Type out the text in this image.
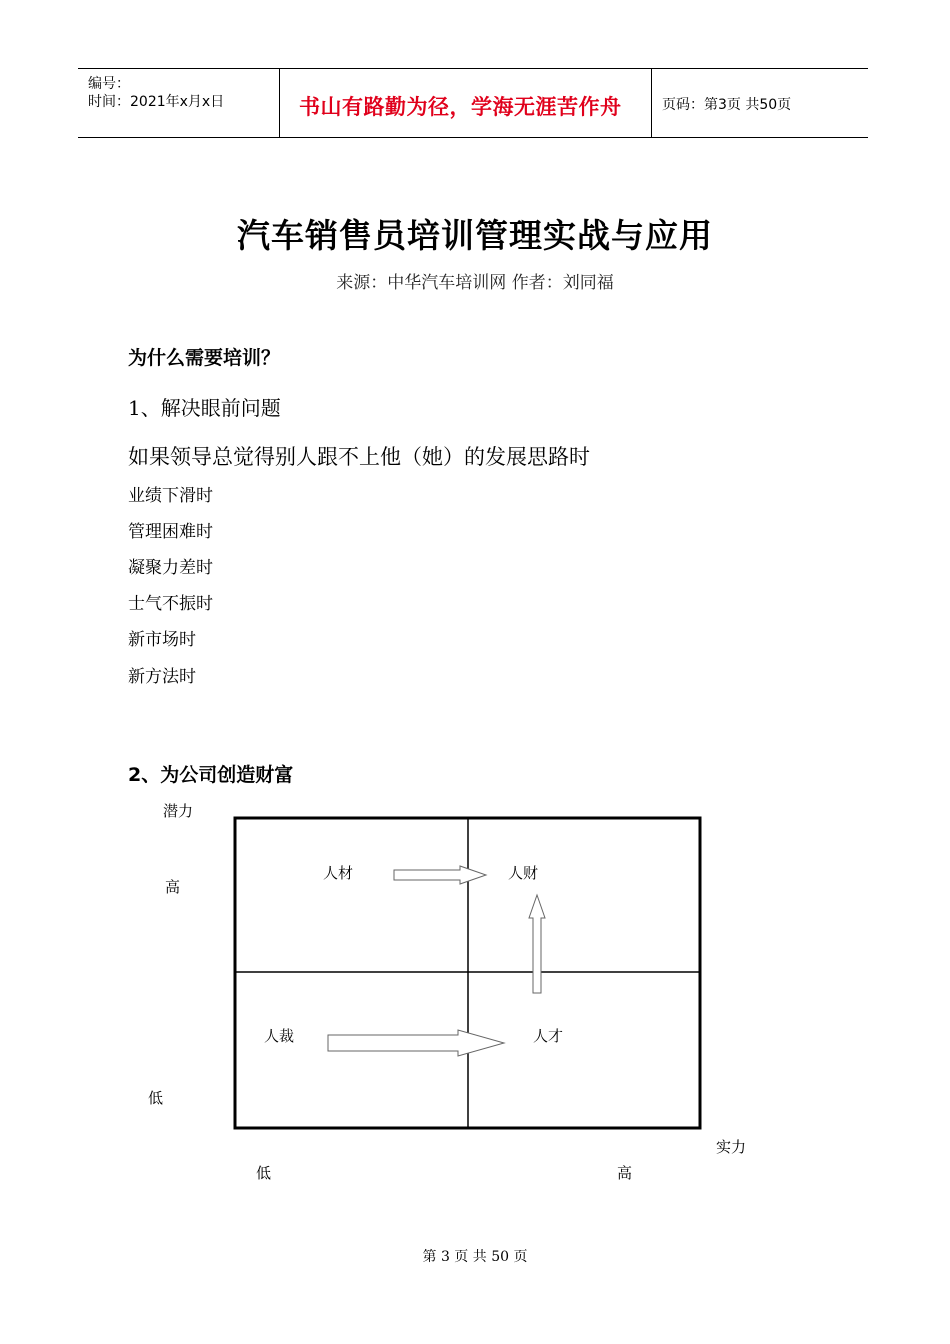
编号：
时间：2021年x月x日	书山有路勤为径，学海无涯苦作舟	页码：第3页 共50页
汽车销售员培训管理实战与应用
来源：中华汽车培训网 作者：刘同福
为什么需要培训？
1、解决眼前问题
如果领导总觉得别人跟不上他（她）的发展思路时
业绩下滑时
管理困难时
凝聚力差时
士气不振时
新市场时
新方法时
2、为公司创造财富
潜力
高
低
实力
低	高
人材	人财
人裁	人才
第 3 页 共 50 页
